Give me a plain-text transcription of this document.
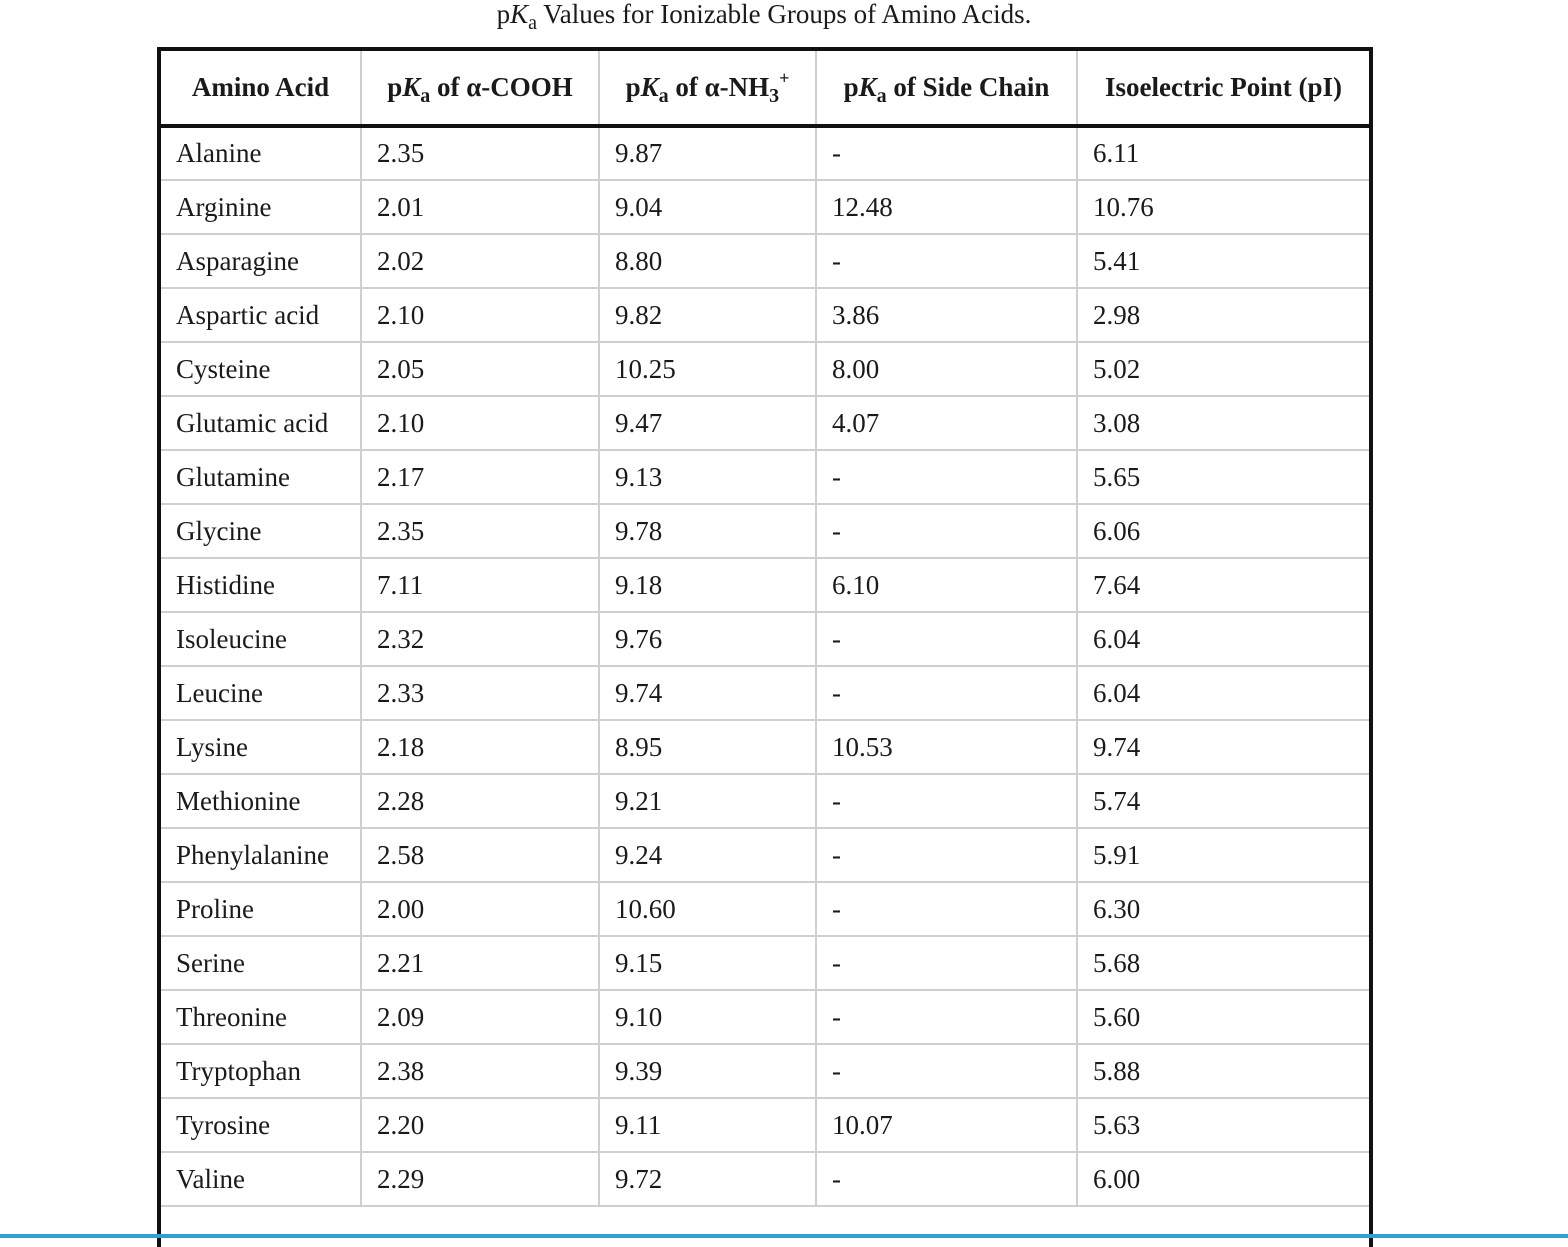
$pK_a$ Values for Ionizable Groups of Amino Acids.
Amino Acid	$pK_a$ of α-COOH	$pK_a$ of $\alpha-NH_3^+$	$pK_a$ of Side Chain	Isoelectric Point (pI)
Alanine	2.35	9.87	-	6.11
Arginine	2.01	9.04	12.48	10.76
Asparagine	2.02	8.80	-	5.41
Aspartic acid	2.10	9.82	3.86	2.98
Cysteine	2.05	10.25	8.00	5.02
Glutamic acid	2.10	9.47	4.07	3.08
Glutamine	2.17	9.13	-	5.65
Glycine	2.35	9.78	-	6.06
Histidine	7.11	9.18	6.10	7.64
Isoleucine	2.32	9.76	-	6.04
Leucine	2.33	9.74	-	6.04
Lysine	2.18	8.95	10.53	9.74
Methionine	2.28	9.21	-	5.74
Phenylalanine	2.58	9.24	-	5.91
Proline	2.00	10.60	-	6.30
Serine	2.21	9.15	-	5.68
Threonine	2.09	9.10	-	5.60
Tryptophan	2.38	9.39	-	5.88
Tyrosine	2.20	9.11	10.07	5.63
Valine	2.29	9.72	-	6.00
